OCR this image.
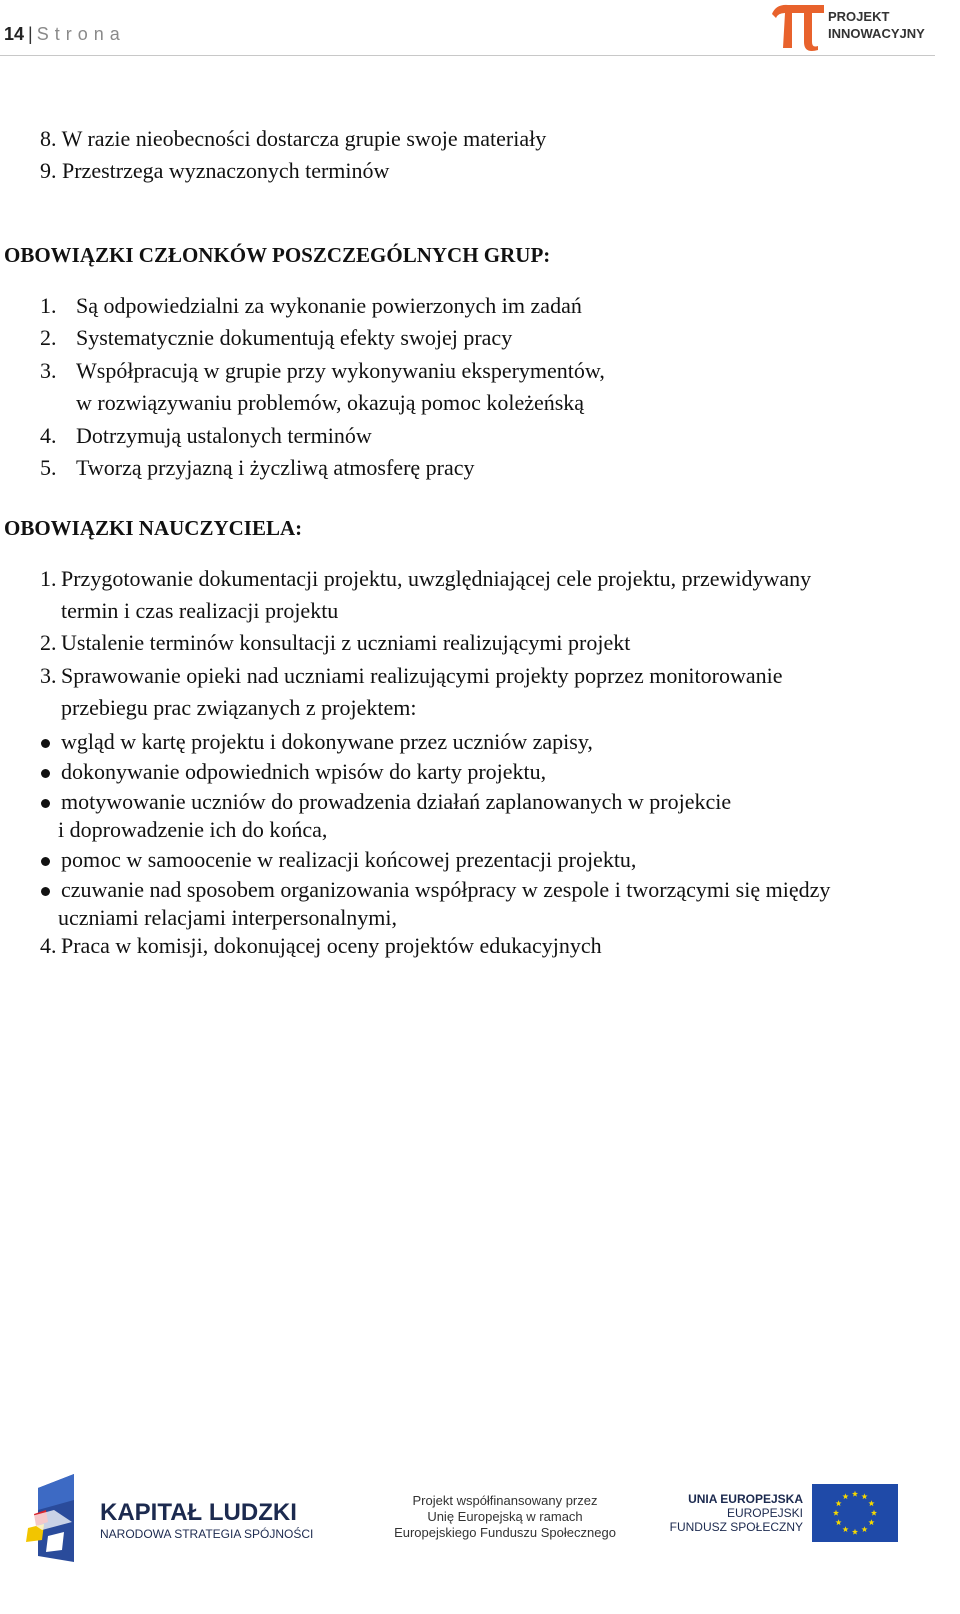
14 | Strona
PROJEKT
INNOWACYJNY
8. W razie nieobecności dostarcza grupie swoje materiały
9. Przestrzega wyznaczonych terminów
OBOWIĄZKI CZŁONKÓW POSZCZEGÓLNYCH GRUP:
1. Są odpowiedzialni za wykonanie powierzonych im zadań
2. Systematycznie dokumentują efekty swojej pracy
3. Współpracują w grupie przy wykonywaniu eksperymentów,
w rozwiązywaniu problemów, okazują pomoc koleżeńską
4. Dotrzymują ustalonych terminów
5. Tworzą przyjazną i życzliwą atmosferę pracy
OBOWIĄZKI NAUCZYCIELA:
1. Przygotowanie dokumentacji projektu, uwzględniającej cele projektu, przewidywany
termin i czas realizacji projektu
2. Ustalenie terminów konsultacji z uczniami realizującymi projekt
3. Sprawowanie opieki nad uczniami realizującymi projekty poprzez monitorowanie
przebiegu prac związanych z projektem:
wgląd w kartę projektu i dokonywane przez uczniów zapisy,
dokonywanie odpowiednich wpisów do karty projektu,
motywowanie uczniów do prowadzenia działań zaplanowanych w projekcie
i doprowadzenie ich do końca,
pomoc w samoocenie w realizacji końcowej prezentacji projektu,
czuwanie nad sposobem organizowania współpracy w zespole i tworzącymi się między
uczniami relacjami interpersonalnymi,
4. Praca w komisji, dokonującej oceny projektów edukacyjnych
KAPITAŁ LUDZKI
NARODOWA STRATEGIA SPÓJNOŚCI
Projekt współfinansowany przez
Unię Europejską w ramach
Europejskiego Funduszu Społecznego
UNIA EUROPEJSKA
EUROPEJSKI
FUNDUSZ SPOŁECZNY
